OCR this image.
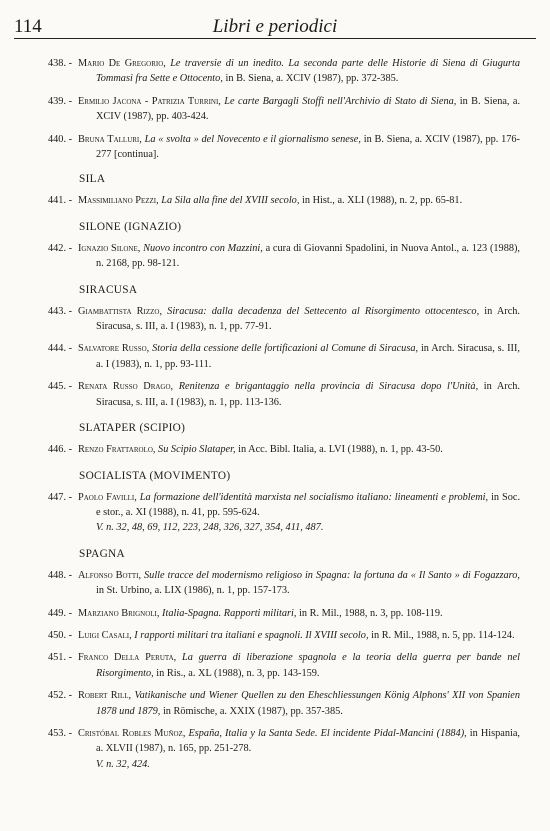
114	Libri e periodici
438. - Mario De Gregorio, Le traversie di un inedito. La seconda parte delle Historie di Siena di Giugurta Tommasi fra Sette e Ottocento, in B. Siena, a. XCIV (1987), pp. 372-385.
439. - Ermilio Jacona - Patrizia Turrini, Le carte Bargagli Stoffi nell'Archivio di Stato di Siena, in B. Siena, a. XCIV (1987), pp. 403-424.
440. - Bruna Talluri, La « svolta » del Novecento e il giornalismo senese, in B. Siena, a. XCIV (1987), pp. 176-277 [continua].
SILA
441. - Massimiliano Pezzi, La Sila alla fine del XVIII secolo, in Hist., a. XLI (1988), n. 2, pp. 65-81.
SILONE (IGNAZIO)
442. - Ignazio Silone, Nuovo incontro con Mazzini, a cura di Giovanni Spadolini, in Nuova Antol., a. 123 (1988), n. 2168, pp. 98-121.
SIRACUSA
443. - Giambattista Rizzo, Siracusa: dalla decadenza del Settecento al Risorgimento ottocentesco, in Arch. Siracusa, s. III, a. I (1983), n. 1, pp. 77-91.
444. - Salvatore Russo, Storia della cessione delle fortificazioni al Comune di Siracusa, in Arch. Siracusa, s. III, a. I (1983), n. 1, pp. 93-111.
445. - Renata Russo Drago, Renitenza e brigantaggio nella provincia di Siracusa dopo l'Unità, in Arch. Siracusa, s. III, a. I (1983), n. 1, pp. 113-136.
SLATAPER (SCIPIO)
446. - Renzo Frattarolo, Su Scipio Slataper, in Acc. Bibl. Italia, a. LVI (1988), n. 1, pp. 43-50.
SOCIALISTA (MOVIMENTO)
447. - Paolo Favilli, La formazione dell'identità marxista nel socialismo italiano: lineamenti e problemi, in Soc. e stor., a. XI (1988), n. 41, pp. 595-624.
V. n. 32, 48, 69, 112, 223, 248, 326, 327, 354, 411, 487.
SPAGNA
448. - Alfonso Botti, Sulle tracce del modernismo religioso in Spagna: la fortuna da « Il Santo » di Fogazzaro, in St. Urbino, a. LIX (1986), n. 1, pp. 157-173.
449. - Marziano Brignoli, Italia-Spagna. Rapporti militari, in R. Mil., 1988, n. 3, pp. 108-119.
450. - Luigi Casali, I rapporti militari tra italiani e spagnoli. Il XVIII secolo, in R. Mil., 1988, n. 5, pp. 114-124.
451. - Franco Della Peruta, La guerra di liberazione spagnola e la teoria della guerra per bande nel Risorgimento, in Ris., a. XL (1988), n. 3, pp. 143-159.
452. - Robert Rill, Vatikanische und Wiener Quellen zu den Eheschliessungen König Alphons' XII von Spanien 1878 und 1879, in Römische, a. XXIX (1987), pp. 357-385.
453. - Cristóbal Robles Muñoz, España, Italia y la Santa Sede. El incidente Pidal-Mancini (1884), in Hispania, a. XLVII (1987), n. 165, pp. 251-278.
V. n. 32, 424.
